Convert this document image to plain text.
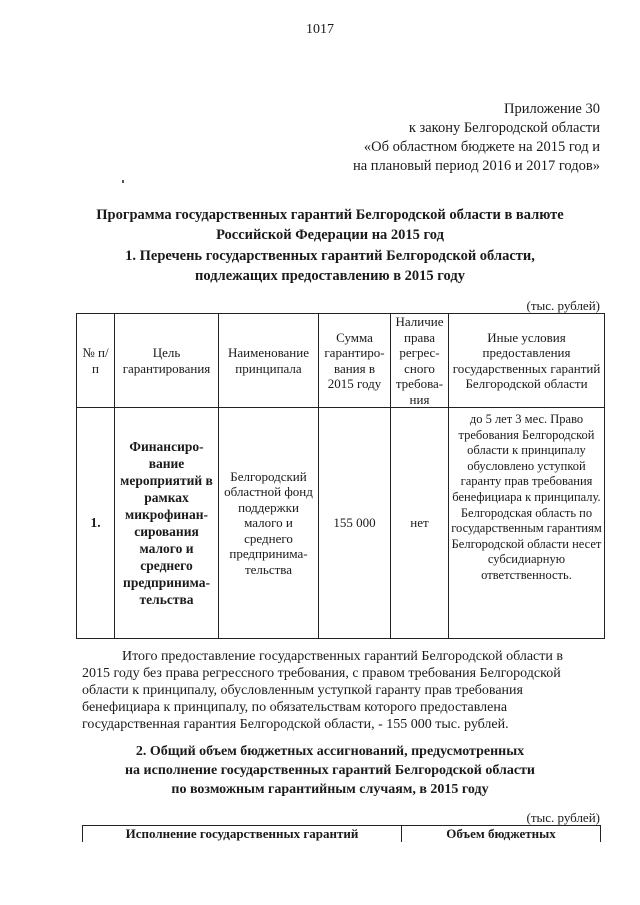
1017
Приложение 30
к закону Белгородской области
«Об областном бюджете на 2015 год и
на плановый период 2016 и 2017 годов»
Программа государственных гарантий Белгородской области в валюте
Российской Федерации на 2015 год
1. Перечень государственных гарантий Белгородской области,
подлежащих предоставлению в 2015 году
(тыс. рублей)
№ п/п	Цель гарантирования	Наименование принципала	Сумма гарантиро-вания в 2015 году	Наличие права регрес-сного требова-ния	Иные условия предоставления государственных гарантий Белгородской области
1.	Финансиро-вание мероприятий в рамках микрофинан-сирования малого и среднего предпринима-тельства	Белгородский областной фонд поддержки малого и среднего предпринима-тельства	155 000	нет	до 5 лет 3 мес. Право требования Белгородской области к принципалу обусловлено уступкой гаранту прав требования бенефициара к принципалу. Белгородская область по государственным гарантиям Белгородской области несет субсидиарную ответственность.
Итого предоставление государственных гарантий Белгородской области в
2015 году без права регрессного требования, с правом требования Белгородской
области к принципалу, обусловленным уступкой гаранту прав требования
бенефициара к принципалу, по обязательствам которого предоставлена
государственная гарантия Белгородской области, - 155 000 тыс. рублей.
2. Общий объем бюджетных ассигнований, предусмотренных
на исполнение государственных гарантий Белгородской области
по возможным гарантийным случаям, в 2015 году
(тыс. рублей)
Исполнение государственных гарантий	Объем бюджетных
